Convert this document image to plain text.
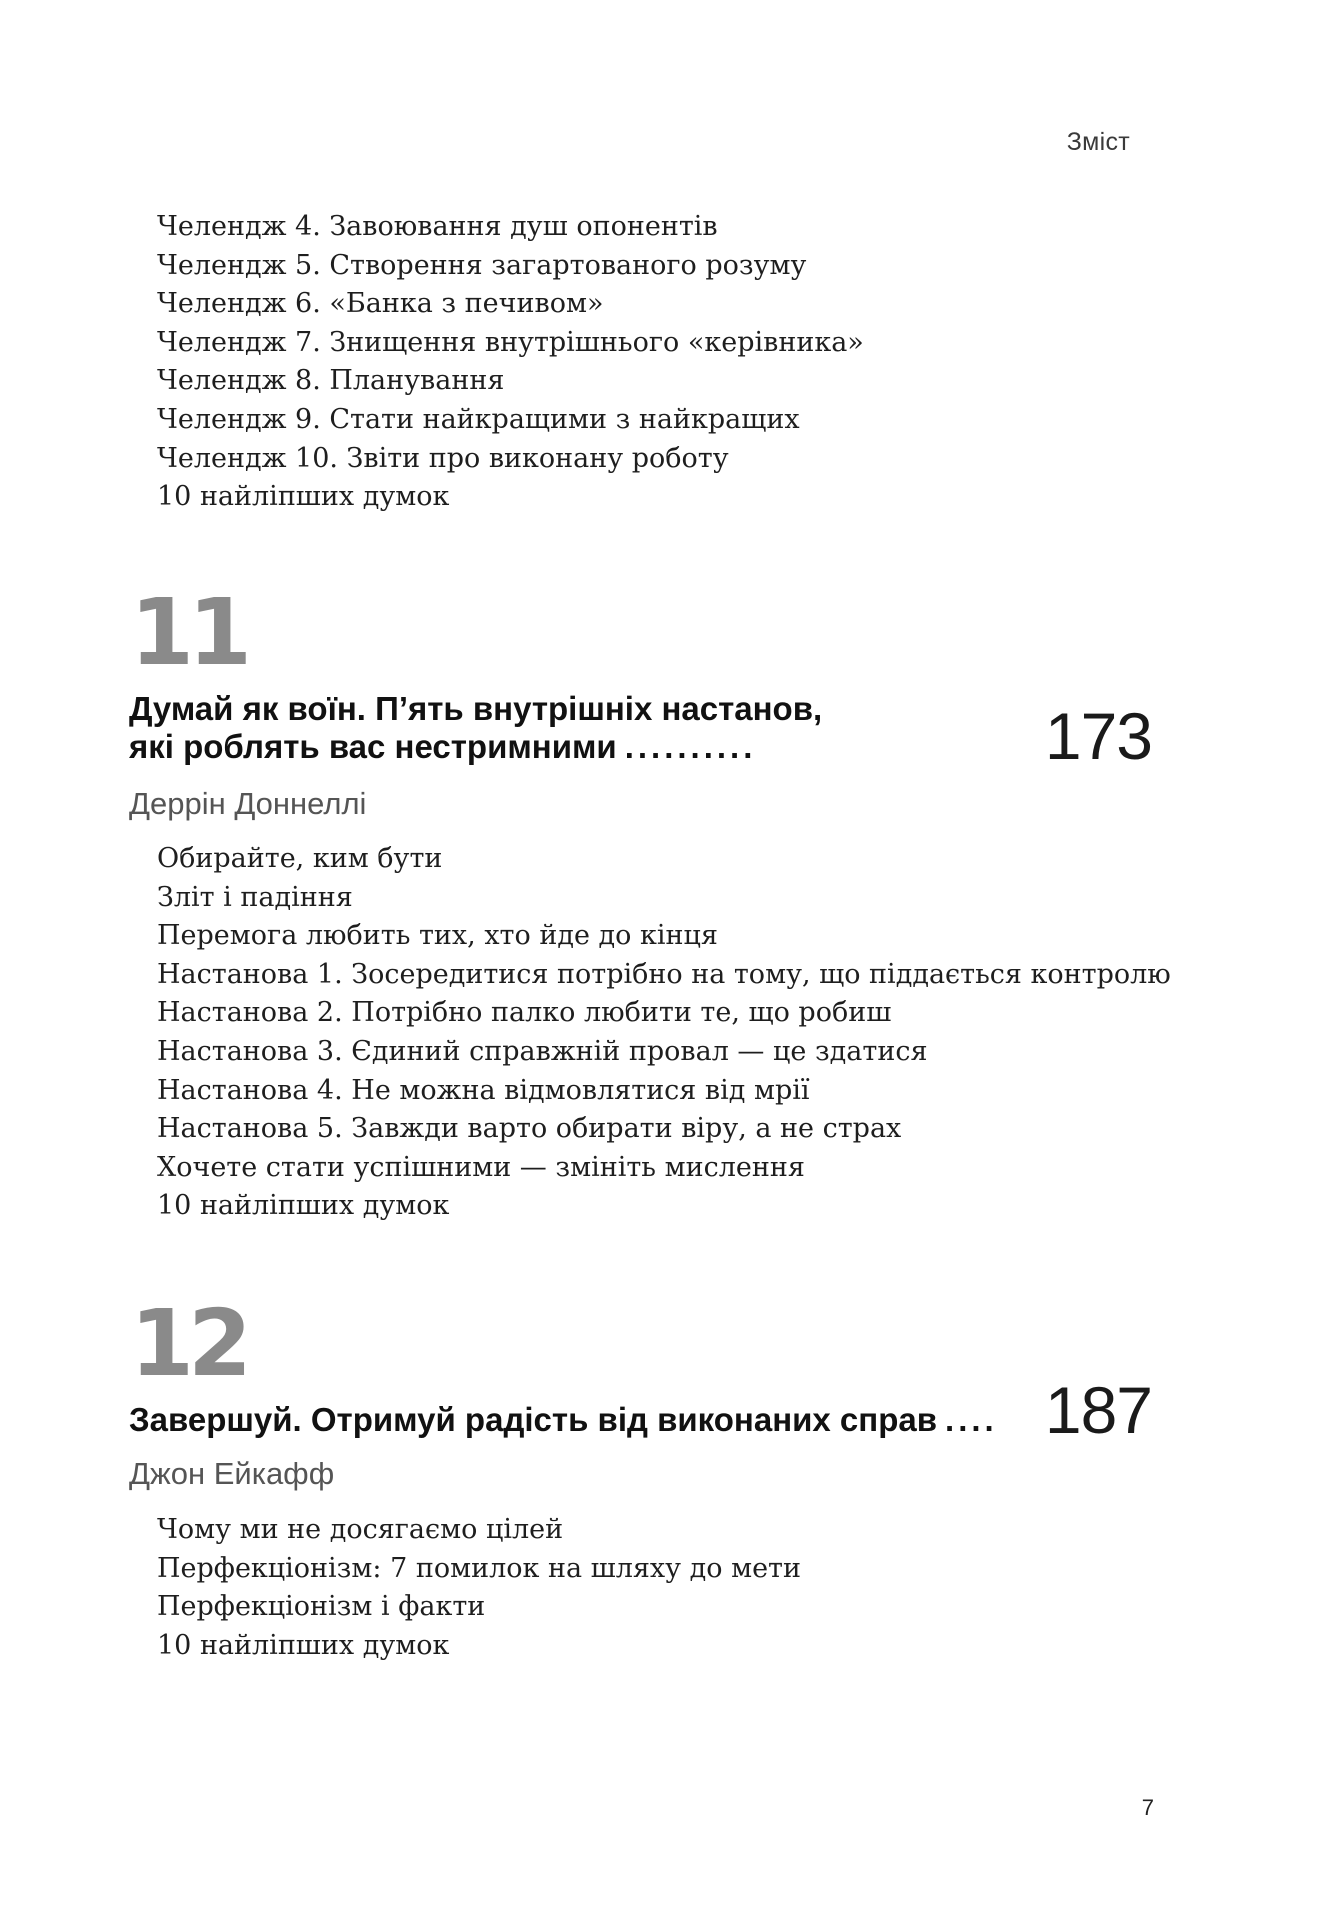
Зміст
Челендж 4. Завоювання душ опонентів
Челендж 5. Створення загартованого розуму
Челендж 6. «Банка з печивом»
Челендж 7. Знищення внутрішнього «керівника»
Челендж 8. Планування
Челендж 9. Стати найкращими з найкращих
Челендж 10. Звіти про виконану роботу
10 найліпших думок
11
Думай як воїн. П’ять внутрішніх настанов,
які роблять вас нестримними ..........	173
Деррін Доннеллі
Обирайте, ким бути
Зліт і падіння
Перемога любить тих, хто йде до кінця
Настанова 1. Зосередитися потрібно на тому, що піддається контролю
Настанова 2. Потрібно палко любити те, що робиш
Настанова 3. Єдиний справжній провал — це здатися
Настанова 4. Не можна відмовлятися від мрії
Настанова 5. Завжди варто обирати віру, а не страх
Хочете стати успішними — змініть мислення
10 найліпших думок
12
Завершуй. Отримуй радість від виконаних справ .... 187
Джон Ейкафф
Чому ми не досягаємо цілей
Перфекціонізм: 7 помилок на шляху до мети
Перфекціонізм і факти
10 найліпших думок
7
